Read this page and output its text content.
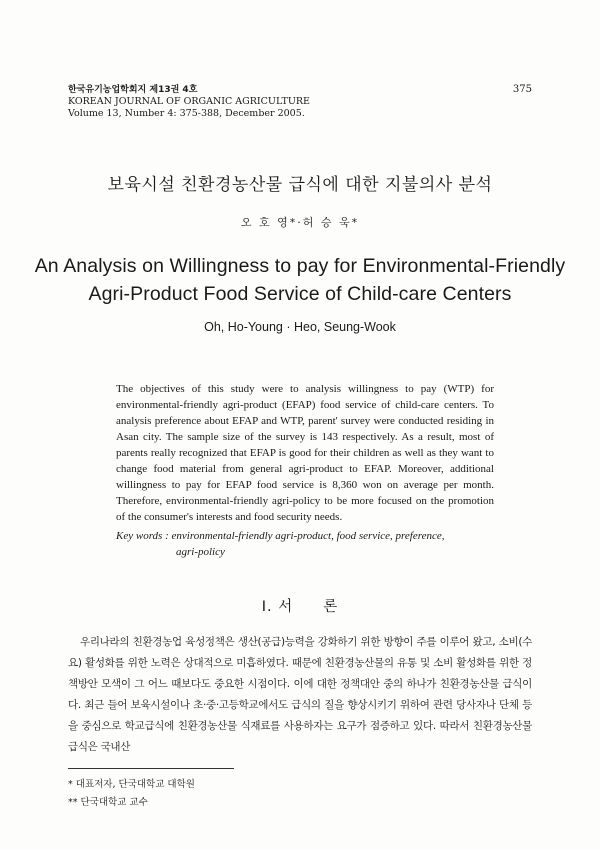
한국유기농업학회지 제13권 4호
KOREAN JOURNAL OF ORGANIC AGRICULTURE
Volume 13, Number 4: 375-388, December 2005.
375
보육시설 친환경농산물 급식에 대한 지불의사 분석
오 호 영*·허 승 욱*
An Analysis on Willingness to pay for Environmental-Friendly
Agri-Product Food Service of Child-care Centers
Oh, Ho-Young · Heo, Seung-Wook
The objectives of this study were to analysis willingness to pay (WTP) for environmental-friendly agri-product (EFAP) food service of child-care centers. To analysis preference about EFAP and WTP, parent' survey were conducted residing in Asan city. The sample size of the survey is 143 respectively. As a result, most of parents really recognized that EFAP is good for their children as well as they want to change food material from general agri-product to EFAP. Moreover, additional willingness to pay for EFAP food service is 8,360 won on average per month. Therefore, environmental-friendly agri-policy to be more focused on the promotion of the consumer's interests and food security needs.
Key words : environmental-friendly agri-product, food service, preference,
agri-policy
I. 서 론
우리나라의 친환경농업 육성정책은 생산(공급)능력을 강화하기 위한 방향이 주를 이루어 왔고, 소비(수요) 활성화를 위한 노력은 상대적으로 미흡하였다. 때문에 친환경농산물의 유통 및 소비 활성화를 위한 정책방안 모색이 그 어느 때보다도 중요한 시점이다. 이에 대한 정책대안 중의 하나가 친환경농산물 급식이다. 최근 들어 보육시설이나 초·중·고등학교에서도 급식의 질을 향상시키기 위하여 관련 당사자나 단체 등을 중심으로 학교급식에 친환경농산물 식재료를 사용하자는 요구가 점증하고 있다. 따라서 친환경농산물 급식은 국내산
* 대표저자, 단국대학교 대학원
** 단국대학교 교수
